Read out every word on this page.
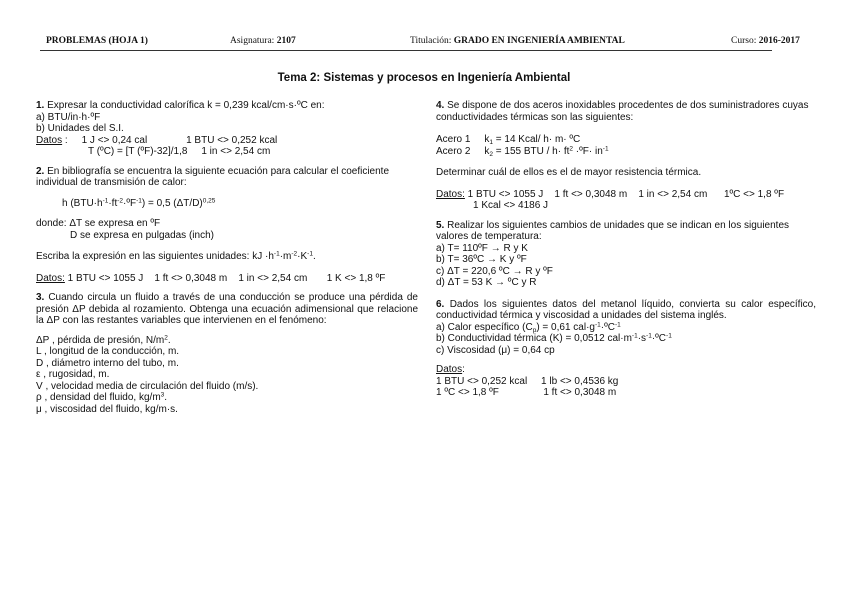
PROBLEMAS (HOJA 1)	Asignatura: 2107	Titulación: GRADO EN INGENIERÍA AMBIENTAL	Curso: 2016-2017
Tema 2: Sistemas y procesos en Ingeniería Ambiental

1. Expresar la conductividad calorífica k = 0,239 kcal/cm·s·ºC en:

a) BTU/in·h·ºF

b) Unidades del S.I.

Datos :     1 J <> 0,24 cal              1 BTU <> 0,252 kcal

T (ºC) = [T (ºF)-32]/1,8     1 in <> 2,54 cm

2. En bibliografía se encuentra la siguiente ecuación para calcular el coeficiente individual de transmisión de calor:

h $(BTU\cdot h^{-1}\cdot ft^{-2}\cdot ºF^{-1}) = 0,5$ $(\Delta T/D)^{0,25}$

donde: ΔT se expresa en ºF

D se expresa en pulgadas (inch)

Escriba la expresión en las siguientes unidades: kJ $\cdot h^{-1}\cdot m^{-2}\cdot K^{-1}$.

Datos: 1 BTU <> 1055 J    1 ft <> 0,3048 m    1 in <> 2,54 cm       1 K <> 1,8 ºF

3. Cuando circula un fluido a través de una conducción se produce una pérdida de presión ΔP debida al rozamiento. Obtenga una ecuación adimensional que relacione la ΔP con las restantes variables que intervienen en el fenómeno:

ΔP , pérdida de presión, $N/m^2$.

L , longitud de la conducción, m.

D , diámetro interno del tubo, m.

ε , rugosidad, m.

V , velocidad media de circulación del fluido (m/s).

ρ , densidad del fluido, $kg/m^3$.

μ , viscosidad del fluido, kg/m·s.

4. Se dispone de dos aceros inoxidables procedentes de dos suministradores cuyas conductividades térmicas son las siguientes:

Acero 1     $k_1 = 14$ Kcal/ h· m· ºC

Acero 2     $k_2 = 155$ BTU / $h\cdot ft^2$ ·ºF· $in^{-1}$

Determinar cuál de ellos es el de mayor resistencia térmica.

Datos: 1 BTU <> 1055 J    1 ft <> 0,3048 m    1 in <> 2,54 cm      1ºC <> 1,8 ºF

1 Kcal <> 4186 J

5. Realizar los siguientes cambios de unidades que se indican en los siguientes valores de temperatura:

a) T= 110ºF → R y K

b) T= 36ºC → K y ºF

c) ΔT = 220,6 ºC → R y ºF

d) ΔT = 53 K → ºC y R

6. Dados los siguientes datos del metanol líquido, convierta su calor específico, conductividad térmica y viscosidad a unidades del sistema inglés.

a) Calor específico $(C_p) = 0,61$ $cal\cdot g^{-1}\cdot ºC^{-1}$

b) Conductividad térmica (K) = 0,0512 $cal\cdot m^{-1}\cdot s^{-1}\cdot ºC^{-1}$

c) Viscosidad (μ) = 0,64 cp

Datos:

1 BTU <> 0,252 kcal     1 lb <> 0,4536 kg

1 ºC <> 1,8 ºF                1 ft <> 0,3048 m
